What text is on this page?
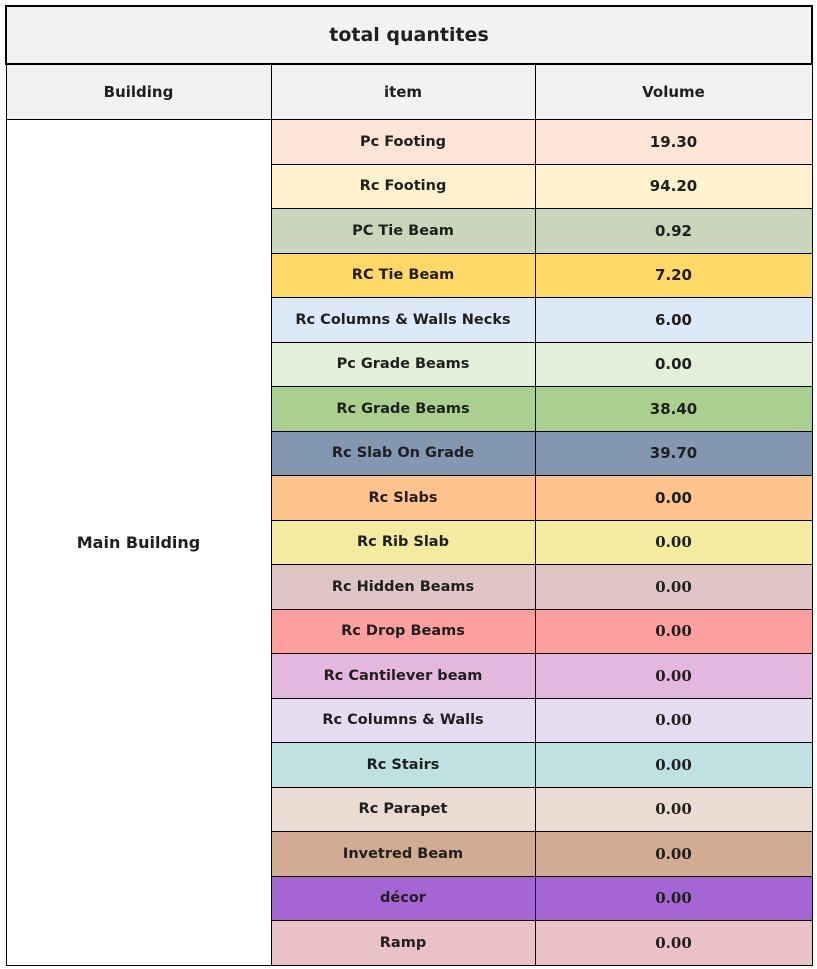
total quantites		
Building	item	Volume
Main Building	Pc Footing	19.30
	Rc Footing	94.20
	PC Tie Beam	0.92
	RC Tie Beam	7.20
	Rc Columns & Walls Necks	6.00
	Pc Grade Beams	0.00
	Rc Grade Beams	38.40
	Rc Slab On Grade	39.70
	Rc Slabs	0.00
	Rc Rib Slab	0.00
	Rc Hidden Beams	0.00
	Rc Drop Beams	0.00
	Rc Cantilever beam	0.00
	Rc Columns & Walls	0.00
	Rc Stairs	0.00
	Rc Parapet	0.00
	Invetred Beam	0.00
	décor	0.00
	Ramp	0.00
